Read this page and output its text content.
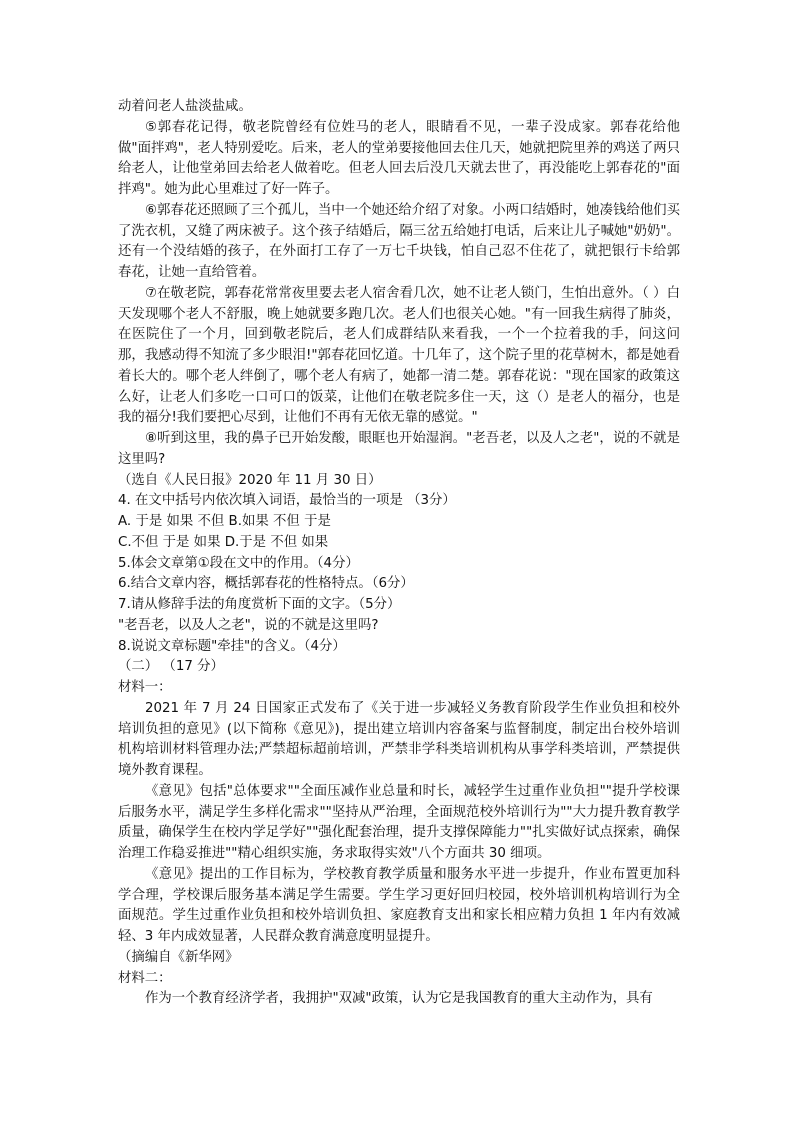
动着问老人盐淡盐咸。

⑤郭春花记得，敬老院曾经有位姓马的老人，眼睛看不见，一辈子没成家。郭春花给他做"面拌鸡"，老人特别爱吃。后来，老人的堂弟要接他回去住几天，她就把院里养的鸡送了两只给老人，让他堂弟回去给老人做着吃。但老人回去后没几天就去世了，再没能吃上郭春花的"面拌鸡"。她为此心里难过了好一阵子。

⑥郭春花还照顾了三个孤儿，当中一个她还给介绍了对象。小两口结婚时，她凑钱给他们买了洗衣机，又缝了两床被子。这个孩子结婚后，隔三岔五给她打电话，后来让儿子喊她"奶奶"。还有一个没结婚的孩子，在外面打工存了一万七千块钱，怕自己忍不住花了，就把银行卡给郭春花，让她一直给管着。

⑦在敬老院，郭春花常常夜里要去老人宿舍看几次，她不让老人锁门，生怕出意外。（ ）白天发现哪个老人不舒服，晚上她就要多跑几次。老人们也很关心她。"有一回我生病得了肺炎，在医院住了一个月，回到敬老院后，老人们成群结队来看我，一个一个拉着我的手，问这问那，我感动得不知流了多少眼泪!"郭春花回忆道。十几年了，这个院子里的花草树木，都是她看着长大的。哪个老人绊倒了，哪个老人有病了，她都一清二楚。郭春花说："现在国家的政策这么好，让老人们多吃一口可口的饭菜，让他们在敬老院多住一天，这（）是老人的福分，也是我的福分!我们要把心尽到，让他们不再有无依无靠的感觉。"

⑧听到这里，我的鼻子已开始发酸，眼眶也开始湿润。"老吾老，以及人之老"，说的不就是这里吗?

（选自《人民日报》2020 年 11 月 30 日）

4. 在文中括号内依次填入词语，最恰当的一项是 （3分）

A. 于是 如果 不但 B.如果 不但 于是

C.不但 于是 如果 D.于是 不但 如果

5.体会文章第①段在文中的作用。（4分）

6.结合文章内容，概括郭春花的性格特点。（6分）

7.请从修辞手法的角度赏析下面的文字。（5分）

"老吾老，以及人之老"，说的不就是这里吗?

8.说说文章标题"牵挂"的含义。（4分）

（二） （17 分）

材料一：

2021 年 7 月 24 日国家正式发布了《关于进一步减轻义务教育阶段学生作业负担和校外培训负担的意见》(以下简称《意见》)，提出建立培训内容备案与监督制度，制定出台校外培训机构培训材料管理办法;严禁超标超前培训，严禁非学科类培训机构从事学科类培训，严禁提供境外教育课程。

《意见》包括"总体要求""全面压减作业总量和时长，减轻学生过重作业负担""提升学校课后服务水平，满足学生多样化需求""坚持从严治理，全面规范校外培训行为""大力提升教育教学质量，确保学生在校内学足学好""强化配套治理，提升支撑保障能力""扎实做好试点探索，确保治理工作稳妥推进""精心组织实施，务求取得实效"八个方面共 30 细项。

《意见》提出的工作目标为，学校教育教学质量和服务水平进一步提升，作业布置更加科学合理，学校课后服务基本满足学生需要。学生学习更好回归校园，校外培训机构培训行为全面规范。学生过重作业负担和校外培训负担、家庭教育支出和家长相应精力负担 1 年内有效减轻、3 年内成效显著，人民群众教育满意度明显提升。

（摘编自《新华网》

材料二：

作为一个教育经济学者，我拥护"双减"政策，认为它是我国教育的重大主动作为，具有
